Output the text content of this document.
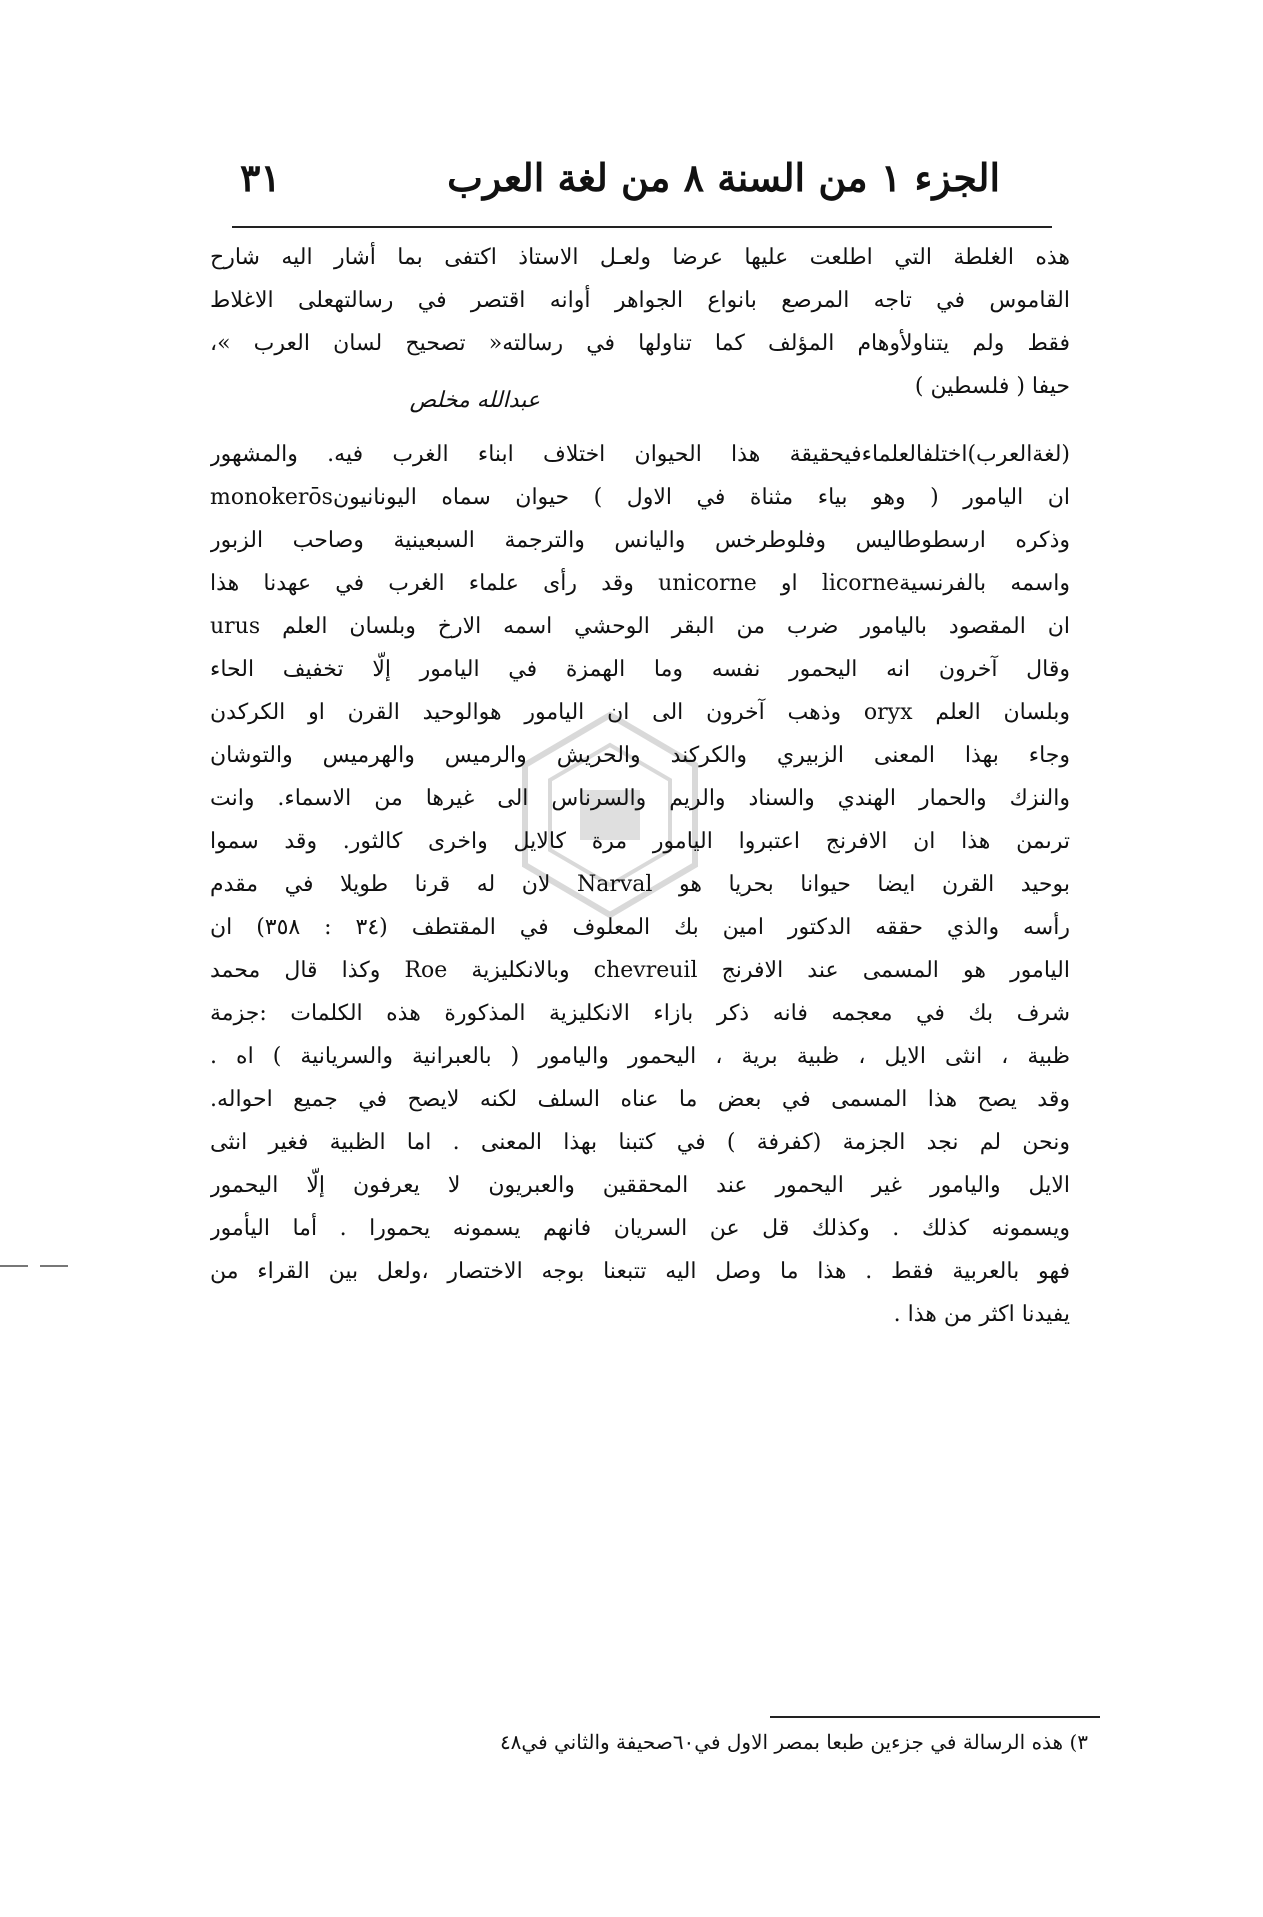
الجزء ١ من السنة ٨ من لغة العرب
٣١
هذه الغلطة التي اطلعت عليها عرضا ولعـل الاستاذ اكتفى بما أشار اليه شارح
القاموس في تاجه المرصع بانواع الجواهر أوانه اقتصر في رسالتهعلى الاغلاط
فقط ولم يتناولأوهام المؤلف كما تناولها في رسالته« تصحيح لسان العرب »،
حيفا ( فلسطين )
عبدالله مخلص
(لغةالعرب)اختلفالعلماءفيحقيقة هذا الحيوان اختلاف ابناء الغرب فيه. والمشهور
ان اليامور ( وهو بياء مثناة في الاول ) حيوان سماه اليونانيونmonokerōs
وذكره ارسطوطاليس وفلوطرخس واليانس والترجمة السبعينية وصاحب الزبور
واسمه بالفرنسيةlicorne او unicorne وقد رأى علماء الغرب في عهدنا هذا
ان المقصود باليامور ضرب من البقر الوحشي اسمه الارخ وبلسان العلم urus
وقال آخرون انه اليحمور نفسه وما الهمزة في اليامور إلّا تخفيف الحاء
وبلسان العلم oryx وذهب آخرون الى ان اليامور هوالوحيد القرن او الكركدن
وجاء بهذا المعنى الزبيري والكركند والحريش والرميس والهرميس والتوشان
والنزك والحمار الهندي والسناد والريم والسرناس الى غيرها من الاسماء. وانت
ترىمن هذا ان الافرنج اعتبروا اليامور مرة كالايل واخرى كالثور. وقد سموا
بوحيد القرن ايضا حيوانا بحريا هو Narval لان له قرنا طويلا في مقدم
رأسه والذي حققه الدكتور امين بك المعلوف في المقتطف (٣٤ : ٣٥٨) ان
اليامور هو المسمى عند الافرنج chevreuil وبالانكليزية Roe وكذا قال محمد
شرف بك في معجمه فانه ذكر بازاء الانكليزية المذكورة هذه الكلمات :جزمة
ظبية ، انثى الايل ، ظبية برية ، اليحمور واليامور ( بالعبرانية والسريانية ) اه .
وقد يصح هذا المسمى في بعض ما عناه السلف لكنه لايصح في جميع احواله.
ونحن لم نجد الجزمة (كفرفة ) في كتبنا بهذا المعنى . اما الظبية فغير انثى
الايل واليامور غير اليحمور عند المحققين والعبريون لا يعرفون إلّا اليحمور
ويسمونه كذلك . وكذلك قل عن السريان فانهم يسمونه يحمورا . أما اليأمور
فهو بالعربية فقط . هذا ما وصل اليه تتبعنا بوجه الاختصار ،ولعل بين القراء من
يفيدنا اكثر من هذا .
٣) هذه الرسالة في جزءين طبعا بمصر الاول في٦٠صحيفة والثاني في٤٨
